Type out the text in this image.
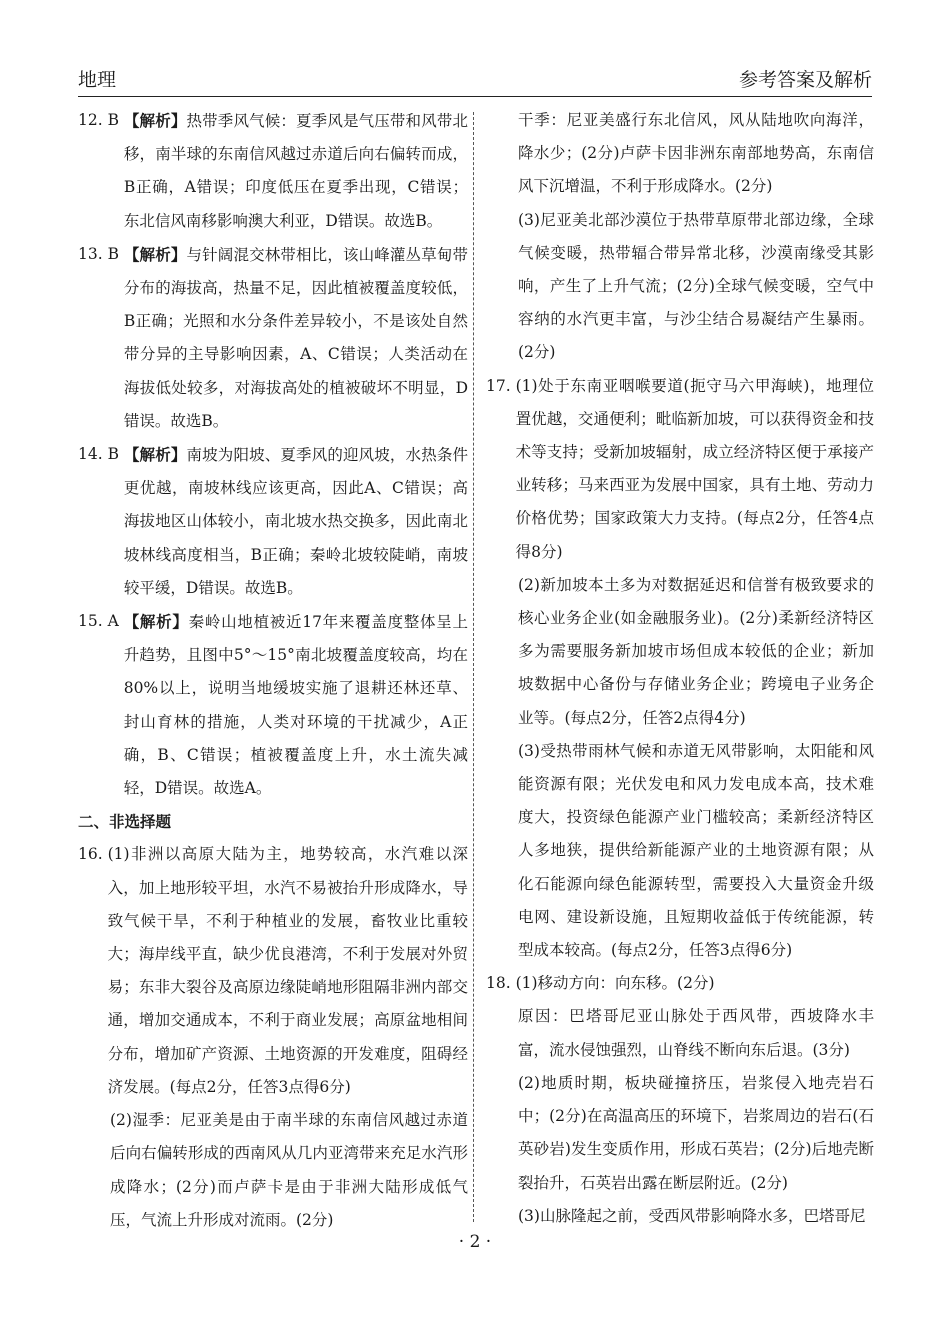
地理	参考答案及解析
12. B 【解析】热带季风气候：夏季风是气压带和风带北移，南半球的东南信风越过赤道后向右偏转而成，B正确，A错误；印度低压在夏季出现，C错误；东北信风南移影响澳大利亚，D错误。故选B。
13. B 【解析】与针阔混交林带相比，该山峰灌丛草甸带分布的海拔高，热量不足，因此植被覆盖度较低，B正确；光照和水分条件差异较小，不是该处自然带分异的主导影响因素，A、C错误；人类活动在海拔低处较多，对海拔高处的植被破坏不明显，D错误。故选B。
14. B 【解析】南坡为阳坡、夏季风的迎风坡，水热条件更优越，南坡林线应该更高，因此A、C错误；高海拔地区山体较小，南北坡水热交换多，因此南北坡林线高度相当，B正确；秦岭北坡较陡峭，南坡较平缓，D错误。故选B。
15. A 【解析】秦岭山地植被近17年来覆盖度整体呈上升趋势，且图中5°～15°南北坡覆盖度较高，均在80%以上，说明当地缓坡实施了退耕还林还草、封山育林的措施，人类对环境的干扰减少，A正确，B、C错误；植被覆盖度上升，水土流失减轻，D错误。故选A。

二、非选择题

16. (1)非洲以高原大陆为主，地势较高，水汽难以深入，加上地形较平坦，水汽不易被抬升形成降水，导致气候干旱，不利于种植业的发展，畜牧业比重较大；海岸线平直，缺少优良港湾，不利于发展对外贸易；东非大裂谷及高原边缘陡峭地形阻隔非洲内部交通，增加交通成本，不利于商业发展；高原盆地相间分布，增加矿产资源、土地资源的开发难度，阻碍经济发展。(每点2分，任答3点得6分)

(2)湿季：尼亚美是由于南半球的东南信风越过赤道后向右偏转形成的西南风从几内亚湾带来充足水汽形成降水；(2分)而卢萨卡是由于非洲大陆形成低气压，气流上升形成对流雨。(2分)

干季：尼亚美盛行东北信风，风从陆地吹向海洋，降水少；(2分)卢萨卡因非洲东南部地势高，东南信风下沉增温，不利于形成降水。(2分)

(3)尼亚美北部沙漠位于热带草原带北部边缘，全球气候变暖，热带辐合带异常北移，沙漠南缘受其影响，产生了上升气流；(2分)全球气候变暖，空气中容纳的水汽更丰富，与沙尘结合易凝结产生暴雨。(2分)

17. (1)处于东南亚咽喉要道(扼守马六甲海峡)，地理位置优越，交通便利；毗临新加坡，可以获得资金和技术等支持；受新加坡辐射，成立经济特区便于承接产业转移；马来西亚为发展中国家，具有土地、劳动力价格优势；国家政策大力支持。(每点2分，任答4点得8分)

(2)新加坡本土多为对数据延迟和信誉有极致要求的核心业务企业(如金融服务业)。(2分)柔新经济特区多为需要服务新加坡市场但成本较低的企业；新加坡数据中心备份与存储业务企业；跨境电子业务企业等。(每点2分，任答2点得4分)

(3)受热带雨林气候和赤道无风带影响，太阳能和风能资源有限；光伏发电和风力发电成本高，技术难度大，投资绿色能源产业门槛较高；柔新经济特区人多地狭，提供给新能源产业的土地资源有限；从化石能源向绿色能源转型，需要投入大量资金升级电网、建设新设施，且短期收益低于传统能源，转型成本较高。(每点2分，任答3点得6分)

18. (1)移动方向：向东移。(2分)

原因：巴塔哥尼亚山脉处于西风带，西坡降水丰富，流水侵蚀强烈，山脊线不断向东后退。(3分)

(2)地质时期，板块碰撞挤压，岩浆侵入地壳岩石中；(2分)在高温高压的环境下，岩浆周边的岩石(石英砂岩)发生变质作用，形成石英岩；(2分)后地壳断裂抬升，石英岩出露在断层附近。(2分)

(3)山脉隆起之前，受西风带影响降水多，巴塔哥尼

· 2 ·
